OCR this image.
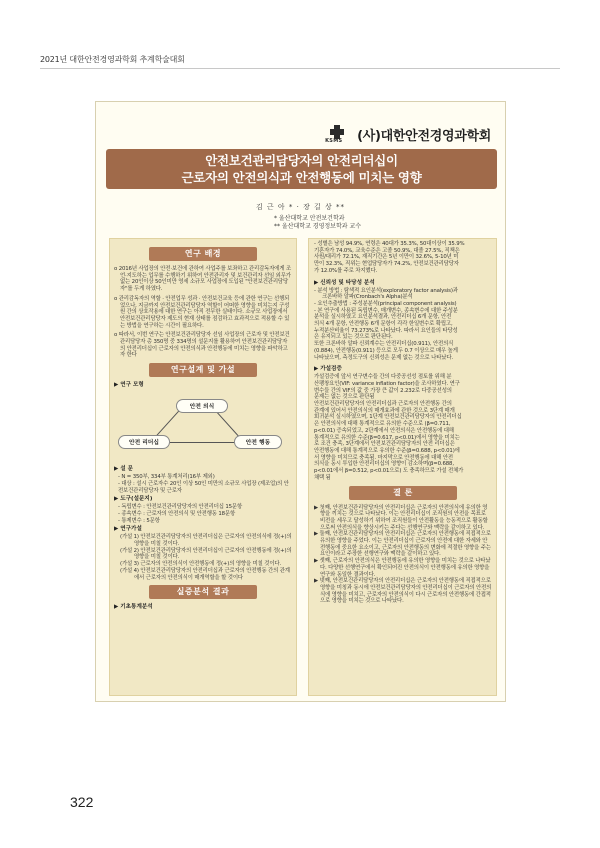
2021년 대한안전경영과학회 추계학술대회
KSMS (사)대한안전경영과학회
안전보건관리담당자의 안전리더십이
근로자의 안전의식과 안전행동에 미치는 영향
김 근 아 * · 장 길 상 **
* 울산대학교 안전보건학과
** 울산대학교 경영정보학과 교수
연구 배경

o 2016년 사업장의 안전·보건에 관하여 사업주를 보좌하고 관리감독자에게 조언·지도하는 업무를 수행하기 위하여 안전관리자 및 보건관리자 선임 외무가 없는 20인이상 50인미만 영세 소규모 사업장에 도입된 "안전보건관리담당자"를 두게 하였다.

o 관리감독자의 역할 · 안전업무 성과 · 안전보건교육 등에 관한 연구는 선행되었으나, 지금까지 안전보건관리담당자 역할이 어떠한 영향을 미치는지 구성원 간의 상호작용에 대한 연구는 아직 전무한 실태이다. 소규모 사업장에서 안전보건관리담당자 제도의 현재 상태를 점검하고 효과적으로 적용할 수 있는 방법을 연구하는 시간이 필요하다.

o 따라서, 이번 연구는 안전보건관리담당자 선임 사업장의 근로자 및 안전보건관리담당자 총 350명 중 334명의 설문지를 활용하여 안전보건관리담당자의 안전리더십이 근로자의 안전의식과 안전행동에 미치는 영향을 파악하고자 한다

연구설계 및 가설
▶ 연구 모형
안전 의식
안전 리더십	안전 행동
▶ 설 문

- N = 350부, 334부 통계처리(16부 제외)

- 대상 : 설시 근로자수 20인 이상 50인 미만의 소규모 사업장 (제조업)의 안전보건관리담당자 및 근로자

▶ 도구(설문지)

- 독립변수 : 안전보건관리담당자의 안전리더십 15문항

- 종속변수 : 근로자의 안전의식 및 안전행동 18문항

- 통제변수 : 5문항

▶ 연구가설

(가설 1) 안전보건관리담당자의 안전리더십은 근로자의 안전의식에 정(+)의 영향을 미칠 것이다.

(가설 2) 안전보건관리담당자의 안전리더십이 근로자의 안전행동에 정(+)의 영향을 미칠 것이다.

(가설 3) 근로자의 안전의식이 안전행동에 정(+)의 영향을 미칠 것이다.

(가설 4) 안전보건관리담당자의 안전리더십과 근로자의 안전행동 간의 관계에서 근로자의 안전의식이 매개역할을 할 것이다

실증분석 결과
▶ 기초통계분석

- 성별은 남성 94.9%, 연령은 40대가 35.3%, 50대이상이 35.9%

기혼자가 74.0%, 교육수준은 고졸 50.9%, 대졸 27.5%, 직책은

사원/대리가 72.1%, 재직기간은 5년 이만이 32.6%, 5-10년 미

만이 32.3%, 직위는 현업담당자가 74.2%, 안전보건관리담당자

가 12.0%를 주로 차지했다.

▶ 신뢰성 및 타당성 분석

- 분석 방법 : 탐색적 요인분석(exploratory factor analysis)과

크론바하 알파(Cronbach's Alpha)분석

- 요인추출방법 : 주성분분석(principal component analysis)

- 본 연구에 사용된 독립변수, 매개변수, 종속변수에 대한 주성분

분석을 실시하였고 요인분석결과, 안전리더십 6개 문항, 안전

의식 4개 문항, 안전행동 6개 문항이 각각 한일변수로 확립고,

누적분산비율이 73.273%로 나타났다. 따라서 요인들의 타당성

은 유지되고 있는 것으로 판단된다.

또한 크론바하 알파 신뢰계수는 안전리더십(0.911), 안전의식

(0.884), 안전행동(0.911) 등으로 모두 0.7 이상으로 매우 높게

나타났으며, 측정도구의 신뢰성은 문제 없는 것으로 나타났다.

▶ 가설검증

가설검증에 앞서 연구변수들 간의 다중공선성 점토를 위해 분

산팽창요인(VIF: variance inflation factor)을 조사하였다. 연구

변수들 간의 VIF의 값 중 가장 큰 값이 2.232로 다중공선성의

문제는 없는 것으로 판단됨

안전보건관리담당자의 안전리더십과 근로자의 안전행동 간의

관계에 있어서 안전의식의 매개효과에 관한 것으로 3단계 매개

회귀분석 실시하였으며, 1단계 안전보건관리담당자의 안전리더십

은 안전의식에 대해 통계적으로 유의한 수준으로 (β=0.711,

p<0.01) 증속되었고, 2단계에서 안전의식은 안전행동에 대해

통계적으로 유의한 수준(β=0.617, p<0.01)에서 영향을 미치는

로 조건 충족, 3단계에서 안전보건관리담당자의 안전 리더십은

안전행동에 대해 통계적으로 유의한 수준(β=0.688, p<0.01)에

서 영향을 미치므로 충족됨. 마지막으로 안전행동에 대해 안전

의식을 동시 투입한 안전리더십의 영향이 감소하며(β=0.688,

p<0.01에서 β=0.512, p<0.01으로) 도 충족하므로 가설 전체가

채택 됨

결 론

▶ 첫째, 안전보건관리담당자의 안전리더십은 근로자의 안전의식에 유의한 영향을 끼치는 것으로 나타났다. 이는 안전리더십이 조직원의 안전을 목표로 비전을 세우고 달성하기 위하여 조직원들이 안전활동을 능동적으로 활동할으로써 안전의식을 향상시키는 주다는 선행연구와 맥락을 같이하고 있다.

▶ 둘째, 안전보건관리담당자의 안전리더십은 근로자의 안전행동에 직접적으로 유의한 영향을 주었다. 이는 안전리더십이 근로자의 안전에 대한 자세와 안전행동에 중요한 요소이고, 근로자의 안전행동의 변화에 적절한 영향을 주는 요인이라고 주장한 선행연구와 맥락을 같이하고 있다.

▶ 셋째, 근로자의 안전의식은 안전행동에 유의한 영향을 미치는 것으로 나타났다. 다양한 선행연구에서 확인되어진 안전의식이 안전행동에 유의한 영향을 연구와 동일한 결과이다.

▶ 넷째, 안전보건관리담당자의 안전리더십은 근로자의 안전행동에 직접적으로 영향을 미칭과 동시에 안전보건관리담당자의 안전리더십이 근로자의 안전의식에 영향을 미치고, 근로자의 안전의식이 다시 근로자의 안전행동에 간접적으로 영향을 미치는 것으로 나타났다.

322
